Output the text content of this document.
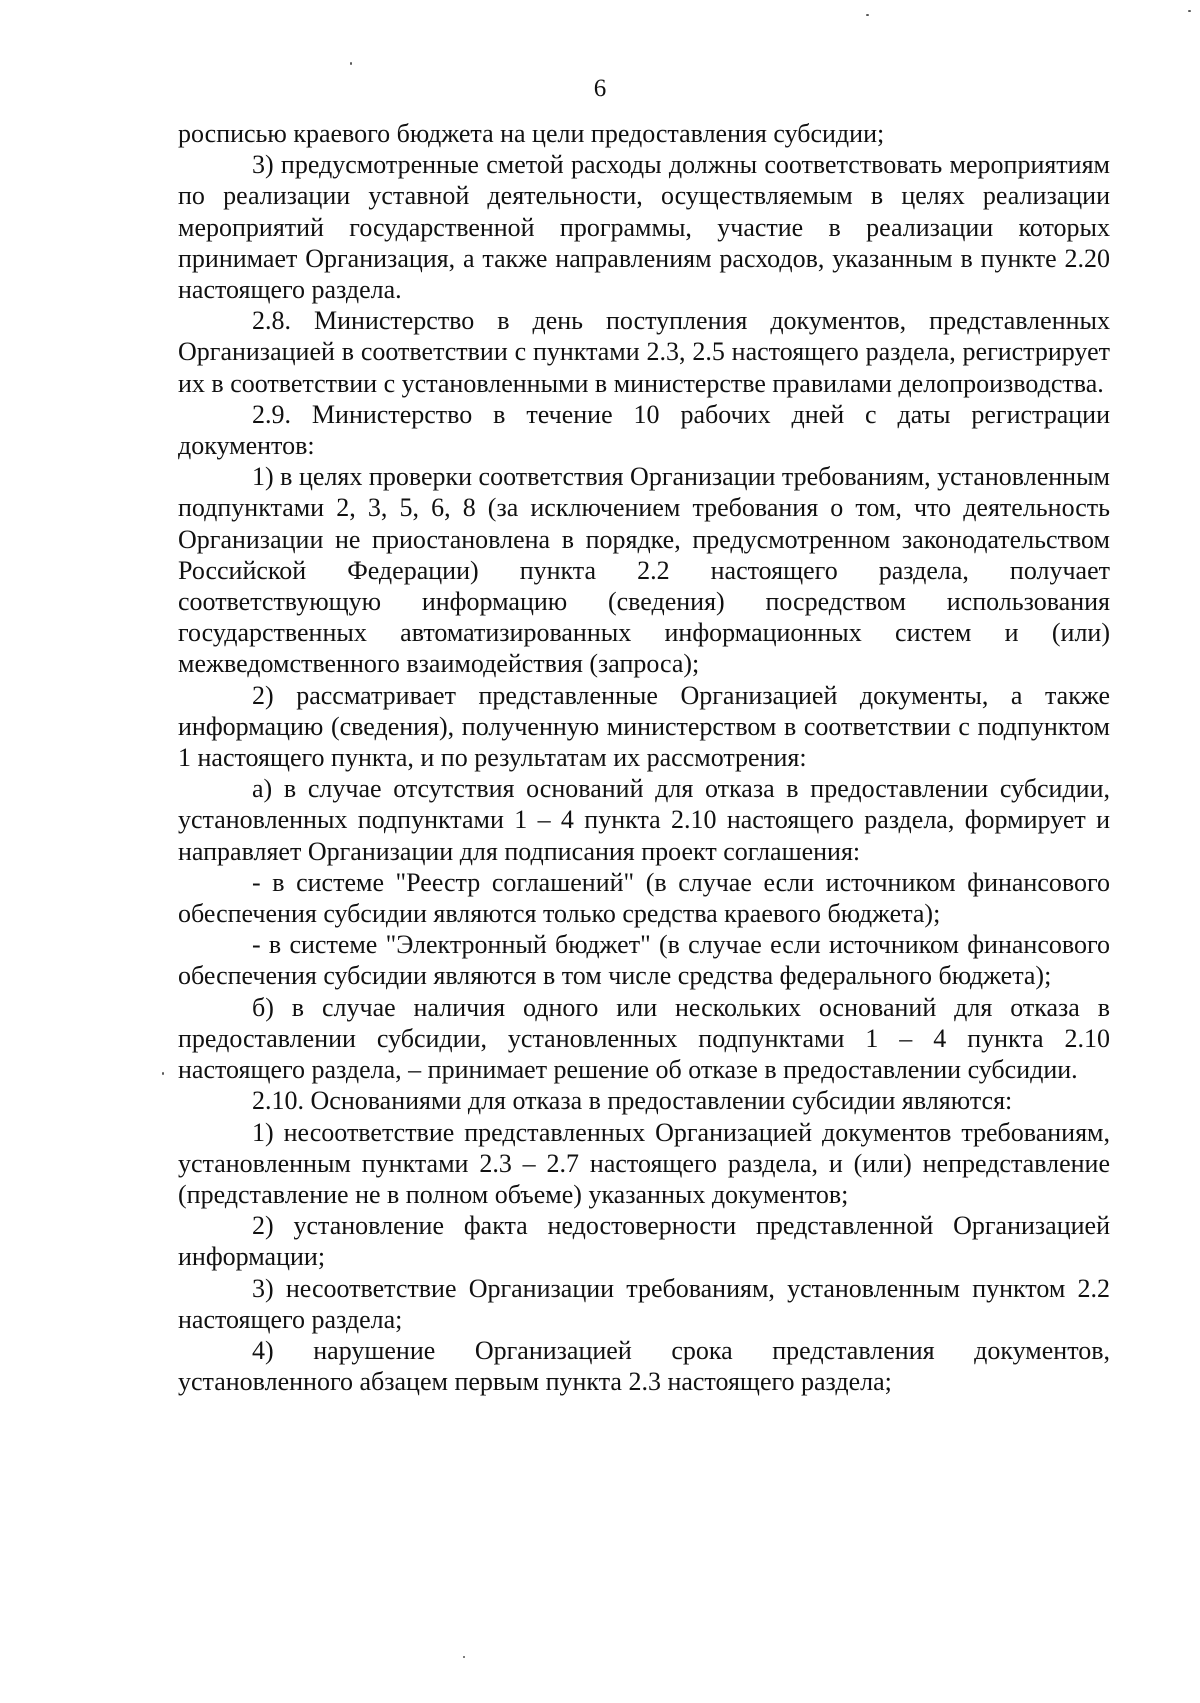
6

росписью краевого бюджета на цели предоставления субсидии;

3) предусмотренные сметой расходы должны соответствовать мероприятиям по реализации уставной деятельности, осуществляемым в целях реализации мероприятий государственной программы, участие в реализации которых принимает Организация, а также направлениям расходов, указанным в пункте 2.20 настоящего раздела.

2.8. Министерство в день поступления документов, представленных Организацией в соответствии с пунктами 2.3, 2.5 настоящего раздела, регистрирует их в соответствии с установленными в министерстве правилами делопроизводства.

2.9. Министерство в течение 10 рабочих дней с даты регистрации документов:

1) в целях проверки соответствия Организации требованиям, установленным подпунктами 2, 3, 5, 6, 8 (за исключением требования о том, что деятельность Организации не приостановлена в порядке, предусмотренном законодательством Российской Федерации) пункта 2.2 настоящего раздела, получает соответствующую информацию (сведения) посредством использования государственных автоматизированных информационных систем и (или) межведомственного взаимодействия (запроса);

2) рассматривает представленные Организацией документы, а также информацию (сведения), полученную министерством в соответствии с подпунктом 1 настоящего пункта, и по результатам их рассмотрения:

а) в случае отсутствия оснований для отказа в предоставлении субсидии, установленных подпунктами 1 – 4 пункта 2.10 настоящего раздела, формирует и направляет Организации для подписания проект соглашения:

- в системе "Реестр соглашений" (в случае если источником финансового обеспечения субсидии являются только средства краевого бюджета);

- в системе "Электронный бюджет" (в случае если источником финансового обеспечения субсидии являются в том числе средства федерального бюджета);

б) в случае наличия одного или нескольких оснований для отказа в предоставлении субсидии, установленных подпунктами 1 – 4 пункта 2.10 настоящего раздела, – принимает решение об отказе в предоставлении субсидии.

2.10. Основаниями для отказа в предоставлении субсидии являются:

1) несоответствие представленных Организацией документов требованиям, установленным пунктами 2.3 – 2.7 настоящего раздела, и (или) непредставление (представление не в полном объеме) указанных документов;

2) установление факта недостоверности представленной Организацией информации;

3) несоответствие Организации требованиям, установленным пунктом 2.2 настоящего раздела;

4) нарушение Организацией срока представления документов, установленного абзацем первым пункта 2.3 настоящего раздела;
